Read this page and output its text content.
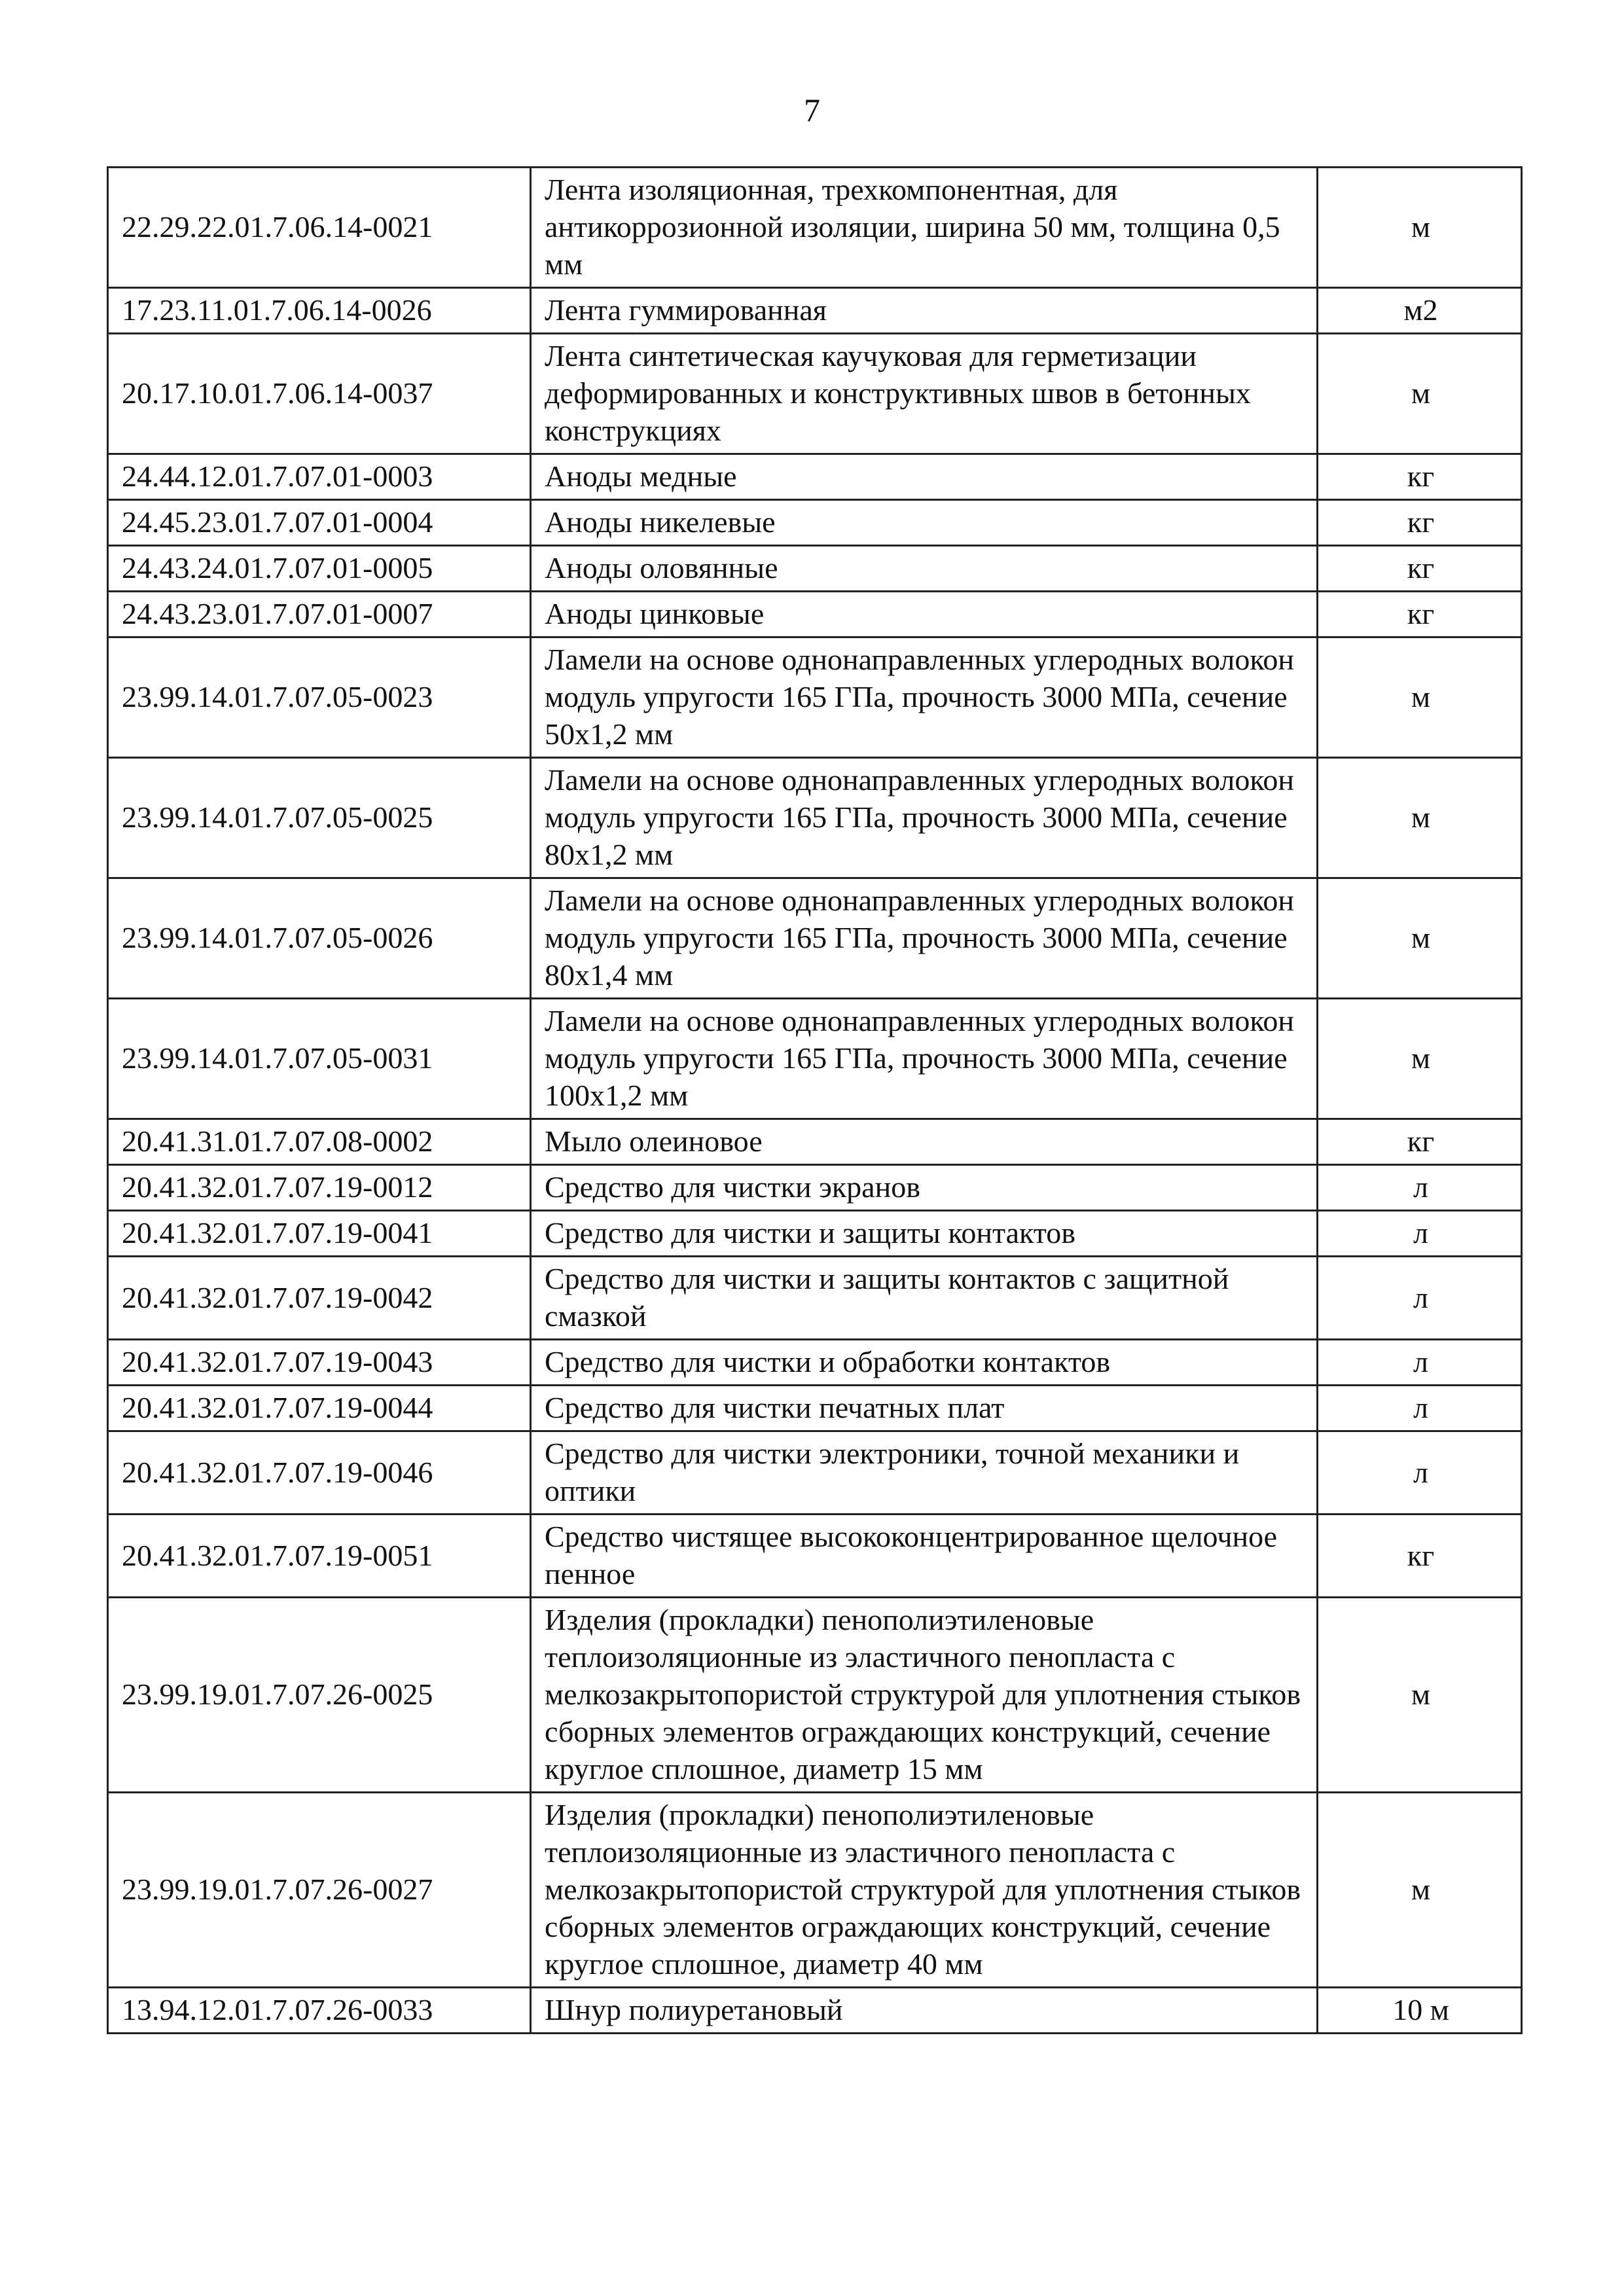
7
22.29.22.01.7.06.14-0021	Лента изоляционная, трехкомпонентная, для антикоррозионной изоляции, ширина 50 мм, толщина 0,5 мм	м
17.23.11.01.7.06.14-0026	Лента гуммированная	м2
20.17.10.01.7.06.14-0037	Лента синтетическая каучуковая для герметизации деформированных и конструктивных швов в бетонных конструкциях	м
24.44.12.01.7.07.01-0003	Аноды медные	кг
24.45.23.01.7.07.01-0004	Аноды никелевые	кг
24.43.24.01.7.07.01-0005	Аноды оловянные	кг
24.43.23.01.7.07.01-0007	Аноды цинковые	кг
23.99.14.01.7.07.05-0023	Ламели на основе однонаправленных углеродных волокон модуль упругости 165 ГПа, прочность 3000 МПа, сечение 50х1,2 мм	м
23.99.14.01.7.07.05-0025	Ламели на основе однонаправленных углеродных волокон модуль упругости 165 ГПа, прочность 3000 МПа, сечение 80х1,2 мм	м
23.99.14.01.7.07.05-0026	Ламели на основе однонаправленных углеродных волокон модуль упругости 165 ГПа, прочность 3000 МПа, сечение 80х1,4 мм	м
23.99.14.01.7.07.05-0031	Ламели на основе однонаправленных углеродных волокон модуль упругости 165 ГПа, прочность 3000 МПа, сечение 100х1,2 мм	м
20.41.31.01.7.07.08-0002	Мыло олеиновое	кг
20.41.32.01.7.07.19-0012	Средство для чистки экранов	л
20.41.32.01.7.07.19-0041	Средство для чистки и защиты контактов	л
20.41.32.01.7.07.19-0042	Средство для чистки и защиты контактов с защитной смазкой	л
20.41.32.01.7.07.19-0043	Средство для чистки и обработки контактов	л
20.41.32.01.7.07.19-0044	Средство для чистки печатных плат	л
20.41.32.01.7.07.19-0046	Средство для чистки электроники, точной механики и оптики	л
20.41.32.01.7.07.19-0051	Средство чистящее высококонцентрированное щелочное пенное	кг
23.99.19.01.7.07.26-0025	Изделия (прокладки) пенополиэтиленовые теплоизоляционные из эластичного пенопласта с мелкозакрытопористой структурой для уплотнения стыков сборных элементов ограждающих конструкций, сечение круглое сплошное, диаметр 15 мм	м
23.99.19.01.7.07.26-0027	Изделия (прокладки) пенополиэтиленовые теплоизоляционные из эластичного пенопласта с мелкозакрытопористой структурой для уплотнения стыков сборных элементов ограждающих конструкций, сечение круглое сплошное, диаметр 40 мм	м
13.94.12.01.7.07.26-0033	Шнур полиуретановый	10 м
